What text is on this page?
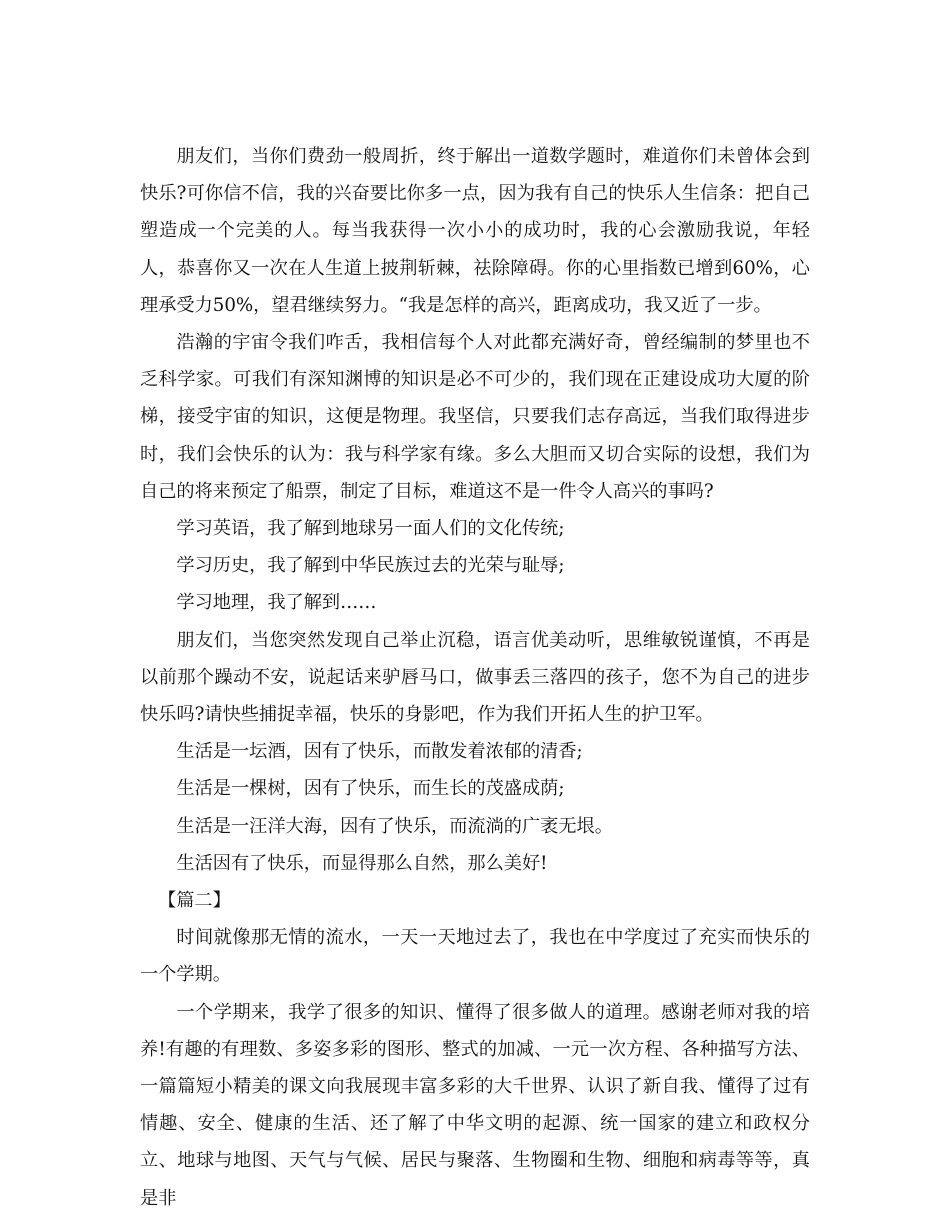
朋友们，当你们费劲一般周折，终于解出一道数学题时，难道你们未曾体会到快乐?可你信不信，我的兴奋要比你多一点，因为我有自己的快乐人生信条：把自己塑造成一个完美的人。每当我获得一次小小的成功时，我的心会激励我说，年轻人，恭喜你又一次在人生道上披荆斩棘，祛除障碍。你的心里指数已增到60%，心理承受力50%，望君继续努力。“我是怎样的高兴，距离成功，我又近了一步。

浩瀚的宇宙令我们咋舌，我相信每个人对此都充满好奇，曾经编制的梦里也不乏科学家。可我们有深知渊博的知识是必不可少的，我们现在正建设成功大厦的阶梯，接受宇宙的知识，这便是物理。我坚信，只要我们志存高远，当我们取得进步时，我们会快乐的认为：我与科学家有缘。多么大胆而又切合实际的设想，我们为自己的将来预定了船票，制定了目标，难道这不是一件令人高兴的事吗?

学习英语，我了解到地球另一面人们的文化传统;

学习历史，我了解到中华民族过去的光荣与耻辱;

学习地理，我了解到……

朋友们，当您突然发现自己举止沉稳，语言优美动听，思维敏锐谨慎，不再是以前那个躁动不安，说起话来驴唇马口，做事丢三落四的孩子，您不为自己的进步快乐吗?请快些捕捉幸福，快乐的身影吧，作为我们开拓人生的护卫军。

生活是一坛酒，因有了快乐，而散发着浓郁的清香;

生活是一棵树，因有了快乐，而生长的茂盛成荫;

生活是一汪洋大海，因有了快乐，而流淌的广袤无垠。

生活因有了快乐，而显得那么自然，那么美好!

【篇二】

时间就像那无情的流水，一天一天地过去了，我也在中学度过了充实而快乐的一个学期。

一个学期来，我学了很多的知识、懂得了很多做人的道理。感谢老师对我的培养!有趣的有理数、多姿多彩的图形、整式的加减、一元一次方程、各种描写方法、一篇篇短小精美的课文向我展现丰富多彩的大千世界、认识了新自我、懂得了过有情趣、安全、健康的生活、还了解了中华文明的起源、统一国家的建立和政权分立、地球与地图、天气与气候、居民与聚落、生物圈和生物、细胞和病毒等等，真是非
